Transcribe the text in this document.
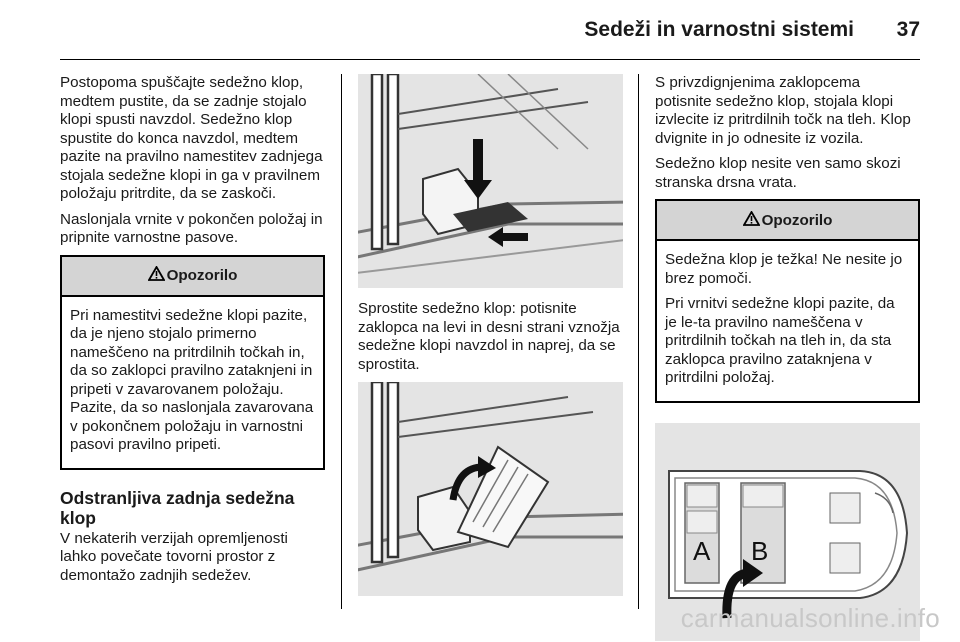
Sedeži in varnostni sistemi 37

Postopoma spuščajte sedežno klop, medtem pustite, da se zadnje stojalo klopi spusti navzdol. Sedežno klop spustite do konca navzdol, medtem pazite na pravilno namestitev zadnjega stojala sedežne klopi in ga v pravilnem položaju pritrdite, da se zaskoči.

Naslonjala vrnite v pokončen položaj in pripnite varnostne pasove.

Opozorilo

Pri namestitvi sedežne klopi pazite, da je njeno stojalo primerno nameščeno na pritrdilnih točkah in, da so zaklopci pravilno zataknjeni in pripeti v zavarovanem položaju. Pazite, da so naslonjala zavarovana v pokončnem položaju in varnostni pasovi pravilno pripeti.

Odstranljiva zadnja sedežna klop

V nekaterih verzijah opremljenosti lahko povečate tovorni prostor z demontažo zadnjih sedežev.

Sprostite sedežno klop: potisnite zaklopca na levi in desni strani vznožja sedežne klopi navzdol in naprej, da se sprostita.

S privzdignjenima zaklopcema potisnite sedežno klop, stojala klopi izvlecite iz pritrdilnih točk na tleh. Klop dvignite in jo odnesite iz vozila.

Sedežno klop nesite ven samo skozi stranska drsna vrata.

Opozorilo

Sedežna klop je težka! Ne nesite jo brez pomoči.

Pri vrnitvi sedežne klopi pazite, da je le-ta pravilno nameščena v pritrdilnih točkah na tleh in, da sta zaklopca pravilno zataknjena v pritrdilni položaj.

A B
carmanualsonline.info
